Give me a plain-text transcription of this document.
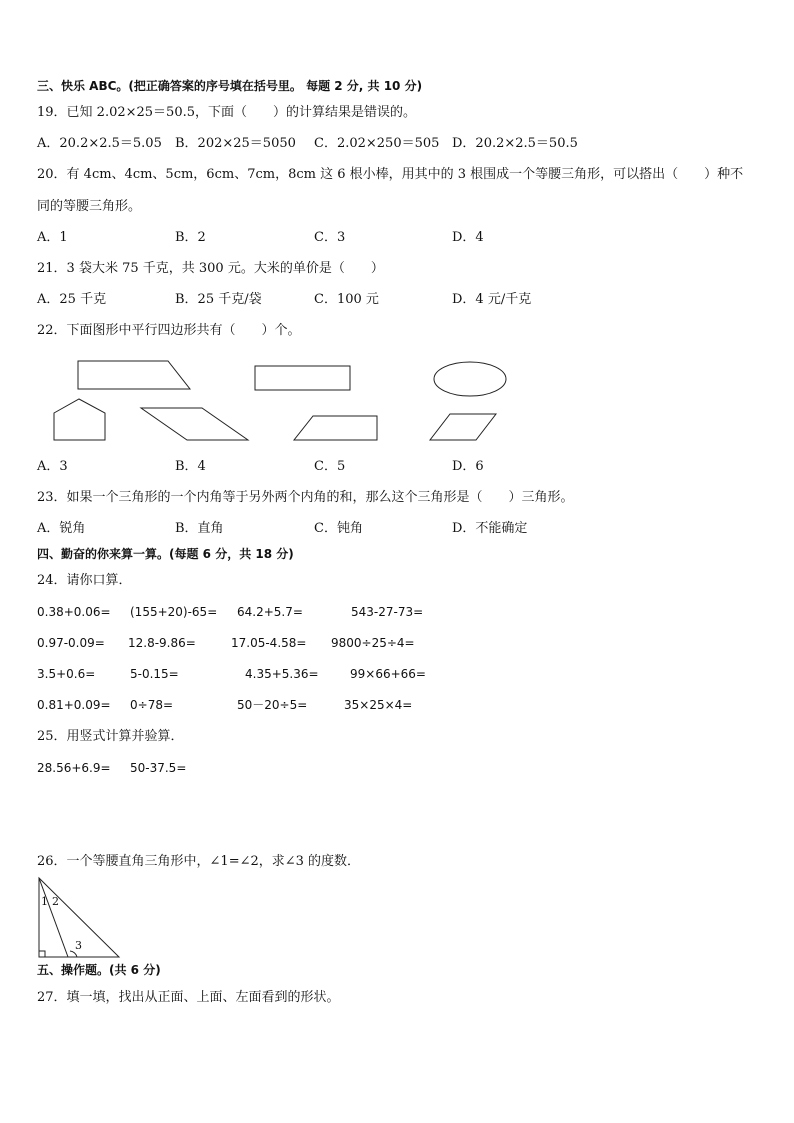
三、快乐 ABC。(把正确答案的序号填在括号里。 每题 2 分, 共 10 分)
19．已知 2.02×25＝50.5，下面（　　）的计算结果是错误的。
A．20.2×2.5＝5.05 B．202×25＝5050 C．2.02×250＝505 D．20.2×2.5＝50.5
20．有 4cm、4cm、5cm，6cm、7cm，8cm 这 6 根小棒，用其中的 3 根围成一个等腰三角形，可以搭出（　　）种不
同的等腰三角形。
A．1	B．2	C．3	D．4
21．3 袋大米 75 千克，共 300 元。大米的单价是（　　）
A．25 千克	B．25 千克/袋	C．100 元	D．4 元/千克
22．下面图形中平行四边形共有（　　）个。
A．3	B．4	C．5	D．6
23．如果一个三角形的一个内角等于另外两个内角的和，那么这个三角形是（　　）三角形。
A．锐角	B．直角	C．钝角	D．不能确定
四、勤奋的你来算一算。(每题 6 分，共 18 分)
24．请你口算．
0.38+0.06= (155+20)-65= 64.2+5.7=	543-27-73=
0.97-0.09= 12.8-9.86=	17.05-4.58= 9800÷25÷4=
3.5+0.6=	5-0.15=	4.35+5.36=	99×66+66=
0.81+0.09= 0÷78=	50－20÷5=	35×25×4=
25．用竖式计算并验算．
28.56+6.9= 50-37.5=
26．一个等腰直角三角形中，∠1=∠2，求∠3 的度数．
1 2
3
五、操作题。(共 6 分)
27．填一填，找出从正面、上面、左面看到的形状。
